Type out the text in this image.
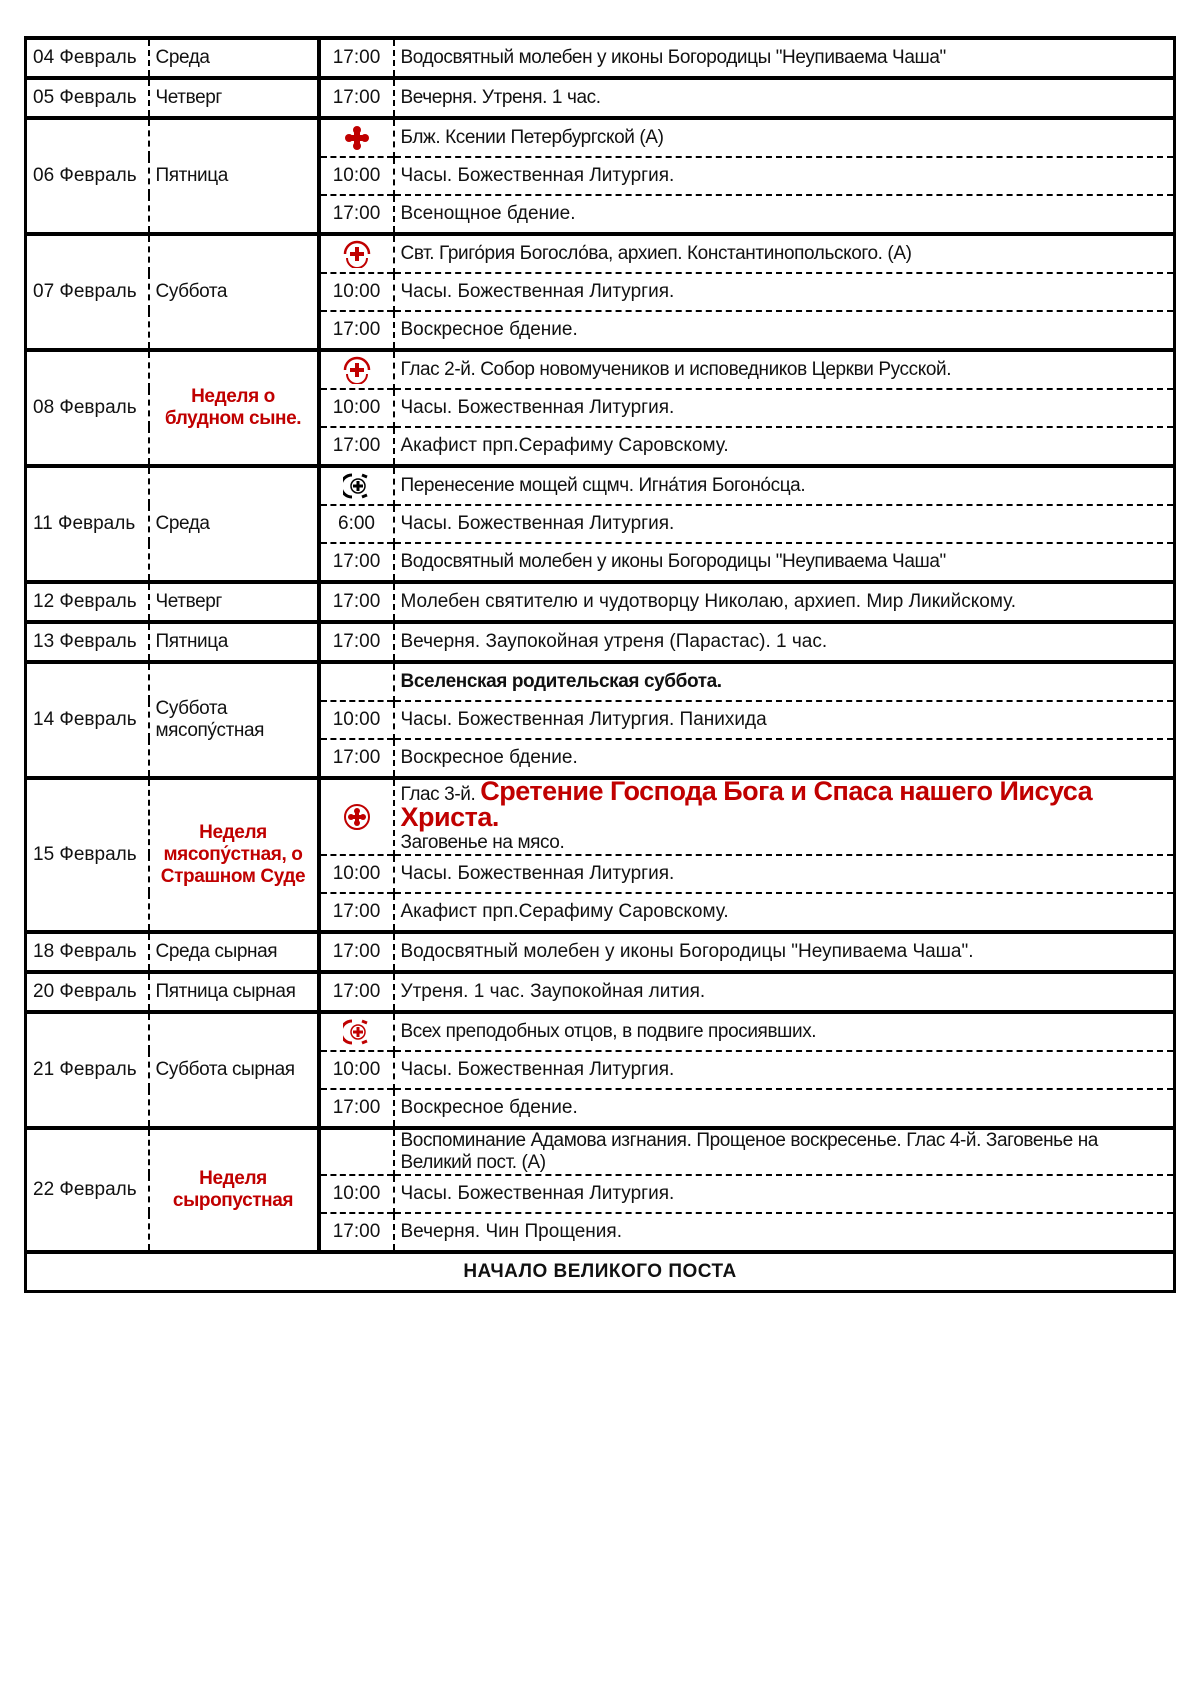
04 Февраль	Среда	17:00	Водосвятный молебен у иконы Богородицы "Неупиваема Чаша"
05 Февраль	Четверг	17:00	Вечерня. Утреня. 1 час.
06 Февраль	Пятница		Блж. Ксении Петербургской (А)
		10:00	Часы. Божественная Литургия.
		17:00	Всенощное бдение.
07 Февраль	Суббота		Свт. Григо́рия Богосло́ва, архиеп. Константинопольского. (А)
		10:00	Часы. Божественная Литургия.
		17:00	Воскресное бдение.
08 Февраль	Неделя о блудном сыне.		Глас 2-й. Собор новомучеников и исповедников Церкви Русской.
		10:00	Часы. Божественная Литургия.
		17:00	Акафист прп.Серафиму Саровскому.
11 Февраль	Среда		Перенесение мощей сщмч. Игна́тия Богоно́сца.
		6:00	Часы. Божественная Литургия.
		17:00	Водосвятный молебен у иконы Богородицы "Неупиваема Чаша"
12 Февраль	Четверг	17:00	Молебен святителю и чудотворцу Николаю, архиеп. Мир Ликийскому.
13 Февраль	Пятница	17:00	Вечерня. Заупокойная утреня (Парастас). 1 час.
14 Февраль	Суббота мясопу́стная		Вселенская родительская суббота.
		10:00	Часы. Божественная Литургия. Панихида
		17:00	Воскресное бдение.
15 Февраль	Неделя мясопу́стная, о Страшном Суде		Глас 3-й. Сретение Господа Бога и Спаса нашего Иисуса Христа.
Заговенье на мясо.
		10:00	Часы. Божественная Литургия.
		17:00	Акафист прп.Серафиму Саровскому.
18 Февраль	Среда сырная	17:00	Водосвятный молебен у иконы Богородицы "Неупиваема Чаша".
20 Февраль	Пятница сырная	17:00	Утреня. 1 час. Заупокойная лития.
21 Февраль	Суббота сырная		Всех преподобных отцов, в подвиге просиявших.
		10:00	Часы. Божественная Литургия.
		17:00	Воскресное бдение.
22 Февраль	Неделя сыропустная		Воспоминание Адамова изгнания. Прощеное воскресенье. Глас 4-й. Заговенье на Великий пост. (А)
		10:00	Часы. Божественная Литургия.
		17:00	Вечерня. Чин Прощения.
НАЧАЛО ВЕЛИКОГО ПОСТА			
